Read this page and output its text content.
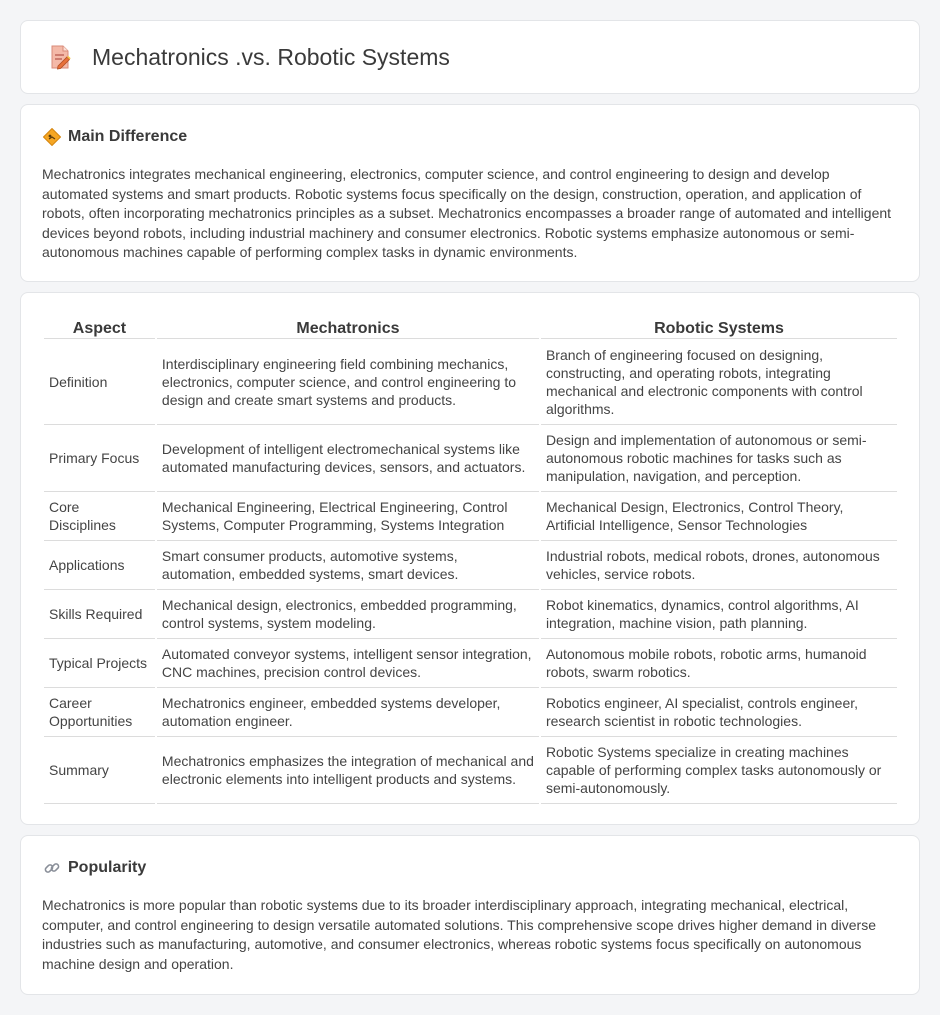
Mechatronics .vs. Robotic Systems
Main Difference

Mechatronics integrates mechanical engineering, electronics, computer science, and control engineering to design and develop automated systems and smart products. Robotic systems focus specifically on the design, construction, operation, and application of robots, often incorporating mechatronics principles as a subset. Mechatronics encompasses a broader range of automated and intelligent devices beyond robots, including industrial machinery and consumer electronics. Robotic systems emphasize autonomous or semi-autonomous machines capable of performing complex tasks in dynamic environments.

Aspect	Mechatronics	Robotic Systems
Definition	Interdisciplinary engineering field combining mechanics, electronics, computer science, and control engineering to design and create smart systems and products.	Branch of engineering focused on designing, constructing, and operating robots, integrating mechanical and electronic components with control algorithms.
Primary Focus	Development of intelligent electromechanical systems like automated manufacturing devices, sensors, and actuators.	Design and implementation of autonomous or semi-autonomous robotic machines for tasks such as manipulation, navigation, and perception.
Core Disciplines	Mechanical Engineering, Electrical Engineering, Control Systems, Computer Programming, Systems Integration	Mechanical Design, Electronics, Control Theory, Artificial Intelligence, Sensor Technologies
Applications	Smart consumer products, automotive systems, automation, embedded systems, smart devices.	Industrial robots, medical robots, drones, autonomous vehicles, service robots.
Skills Required	Mechanical design, electronics, embedded programming, control systems, system modeling.	Robot kinematics, dynamics, control algorithms, AI integration, machine vision, path planning.
Typical Projects	Automated conveyor systems, intelligent sensor integration, CNC machines, precision control devices.	Autonomous mobile robots, robotic arms, humanoid robots, swarm robotics.
Career Opportunities	Mechatronics engineer, embedded systems developer, automation engineer.	Robotics engineer, AI specialist, controls engineer, research scientist in robotic technologies.
Summary	Mechatronics emphasizes the integration of mechanical and electronic elements into intelligent products and systems.	Robotic Systems specialize in creating machines capable of performing complex tasks autonomously or semi-autonomously.
Popularity

Mechatronics is more popular than robotic systems due to its broader interdisciplinary approach, integrating mechanical, electrical, computer, and control engineering to design versatile automated solutions. This comprehensive scope drives higher demand in diverse industries such as manufacturing, automotive, and consumer electronics, whereas robotic systems focus specifically on autonomous machine design and operation.
